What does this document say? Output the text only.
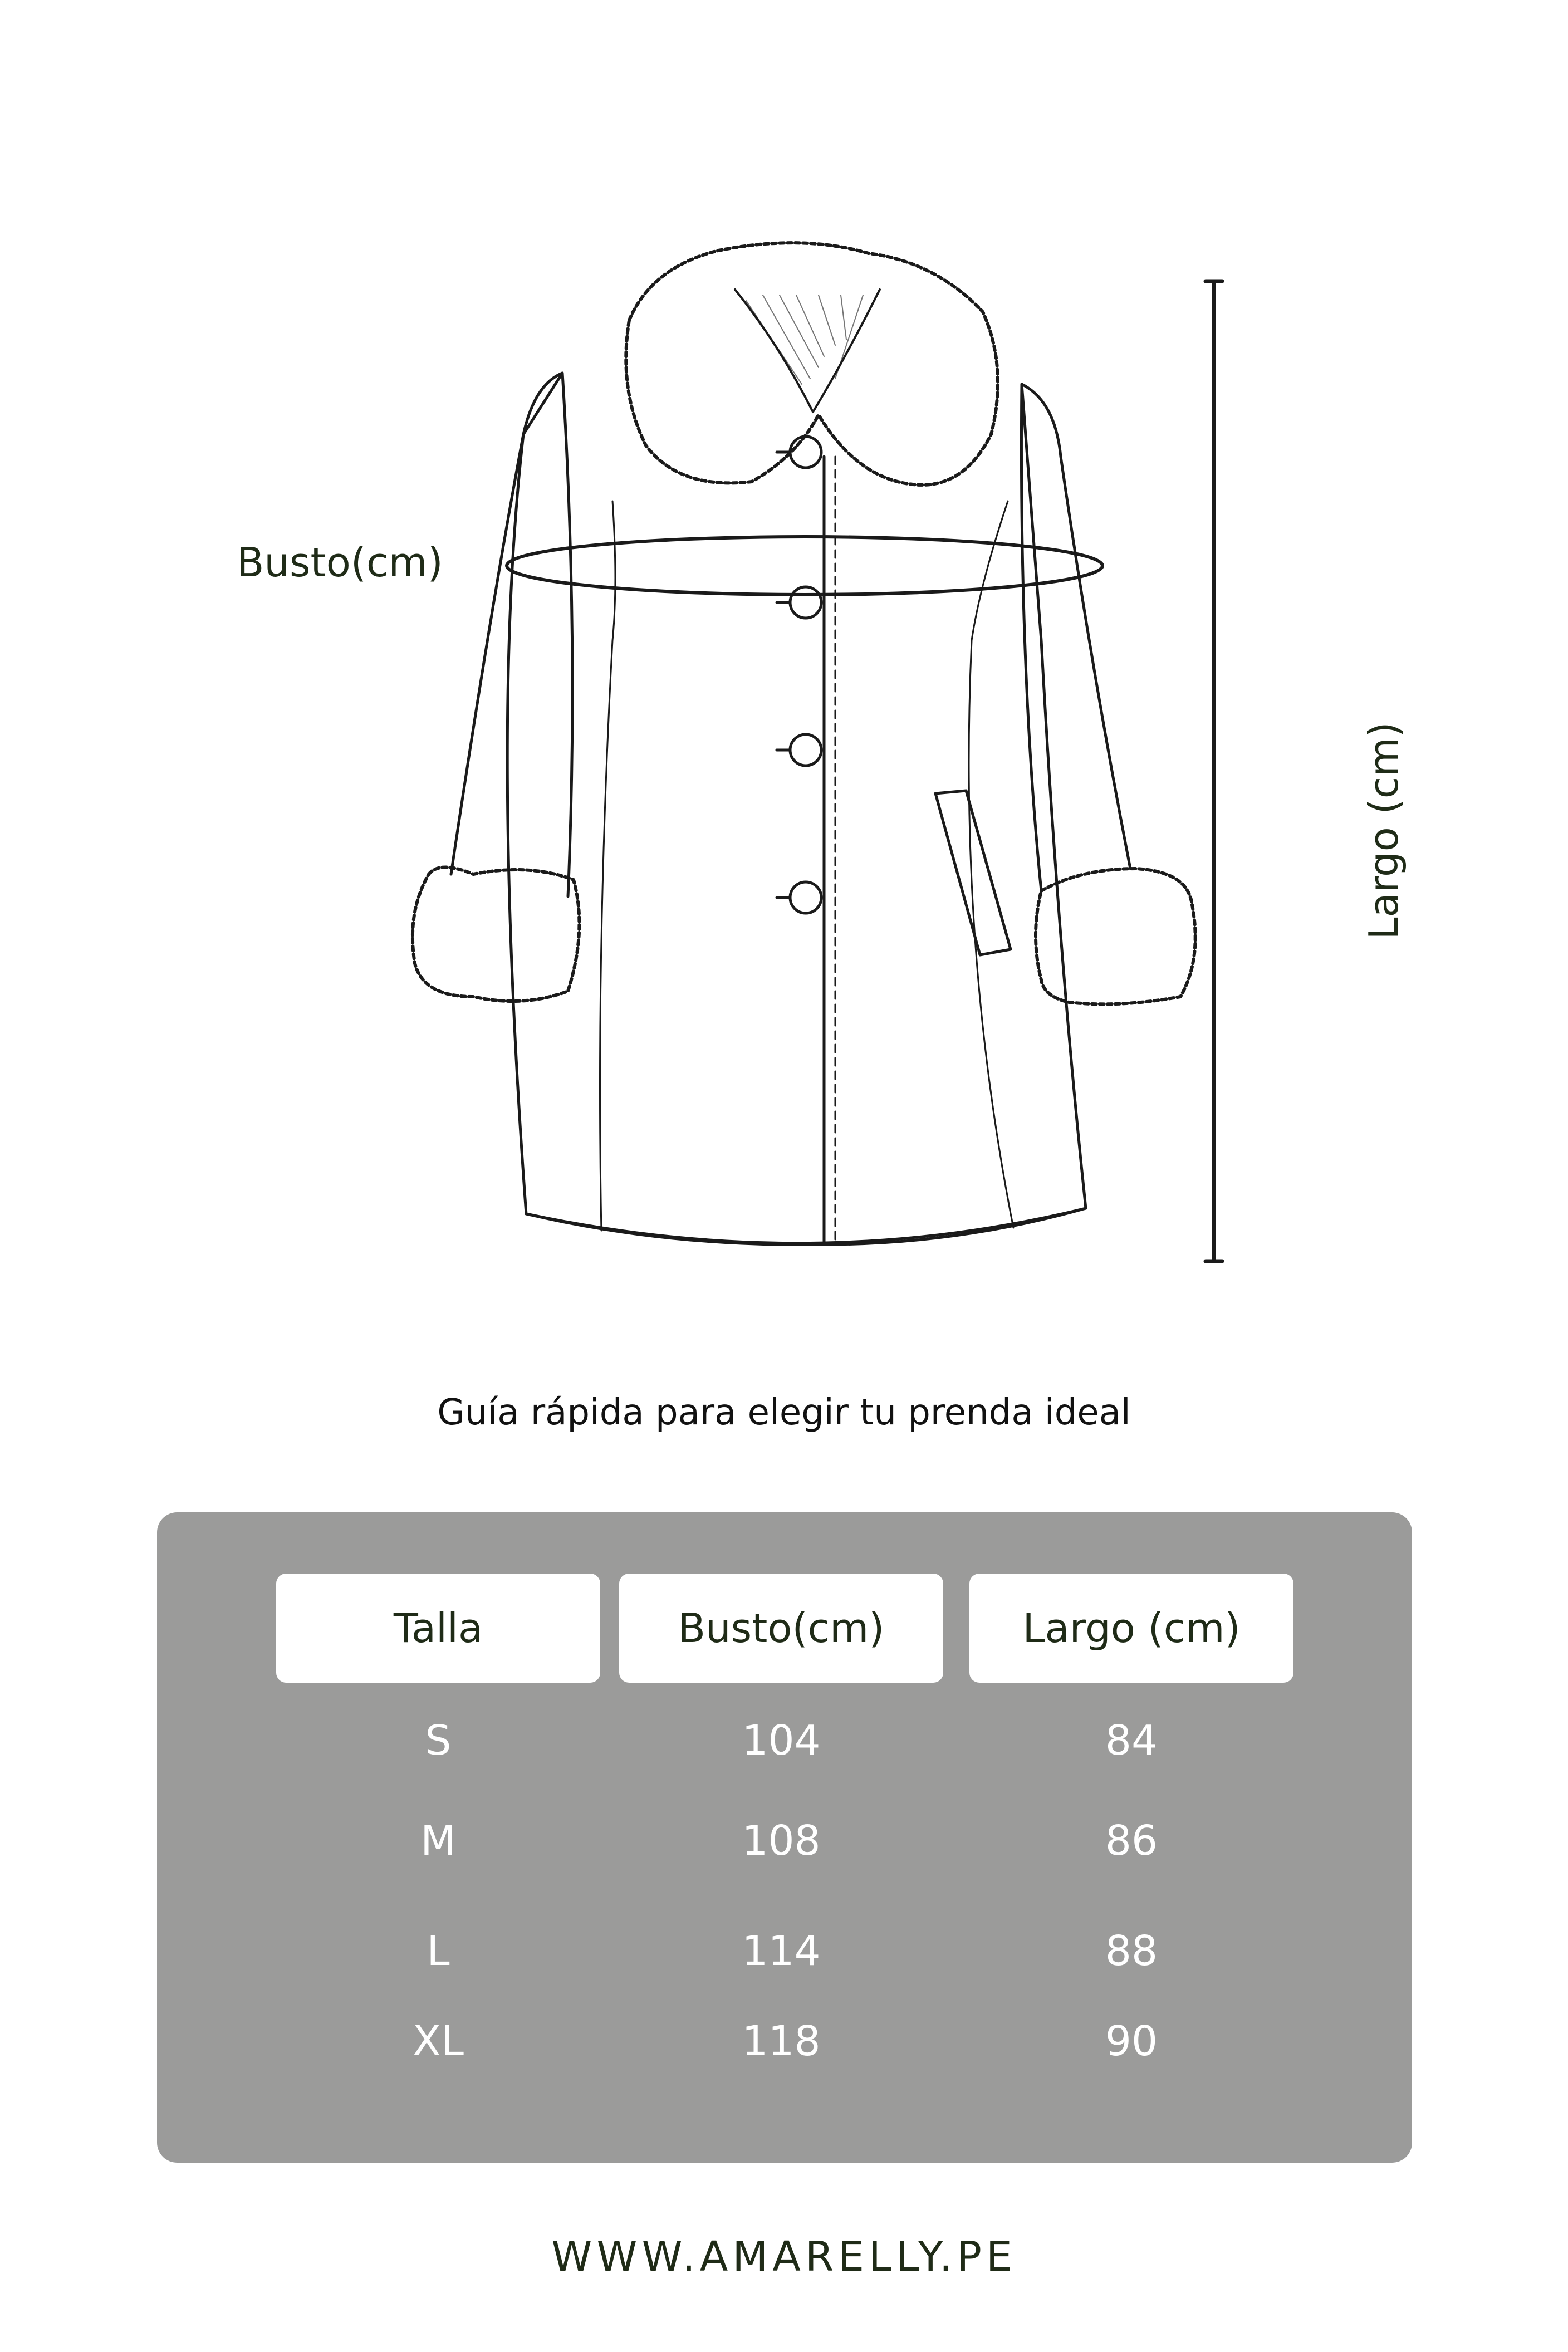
Busto(cm)
Largo (cm)
Guía rápida para elegir tu prenda ideal
Talla	Busto(cm)	Largo (cm)
S	104	84
M	108	86
L	114	88
XL	118	90
WWW.AMARELLY.PE
